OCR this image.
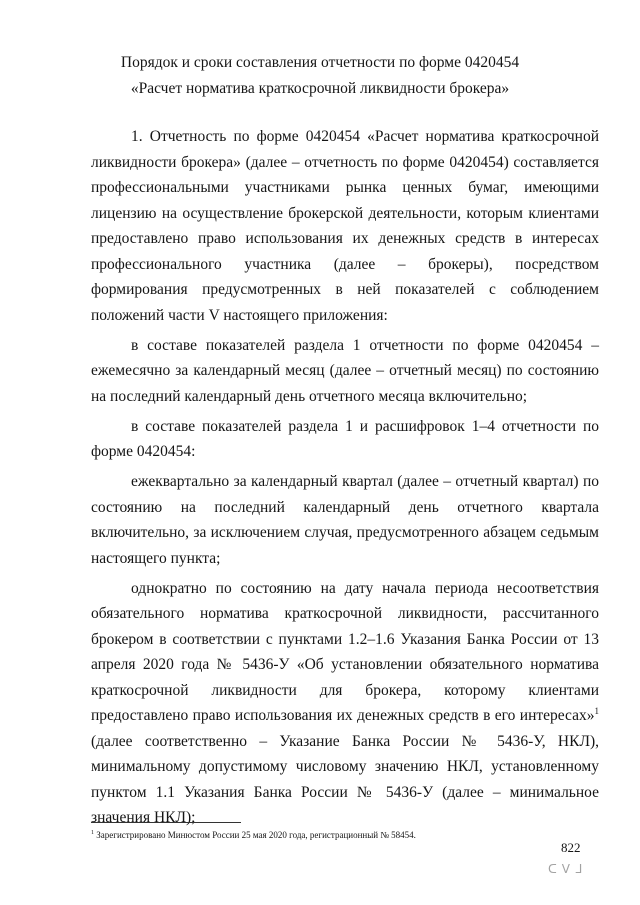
Порядок и сроки составления отчетности по форме 0420454
«Расчет норматива краткосрочной ликвидности брокера»

1. Отчетность по форме 0420454 «Расчет норматива краткосрочной ликвидности брокера» (далее – отчетность по форме 0420454) составляется профессиональными участниками рынка ценных бумаг, имеющими лицензию на осуществление брокерской деятельности, которым клиентами предоставлено право использования их денежных средств в интересах профессионального участника (далее – брокеры), посредством формирования предусмотренных в ней показателей с соблюдением положений части V настоящего приложения:

в составе показателей раздела 1 отчетности по форме 0420454 – ежемесячно за календарный месяц (далее – отчетный месяц) по состоянию на последний календарный день отчетного месяца включительно;

в составе показателей раздела 1 и расшифровок 1–4 отчетности по форме 0420454:

ежеквартально за календарный квартал (далее – отчетный квартал) по состоянию на последний календарный день отчетного квартала включительно, за исключением случая, предусмотренного абзацем седьмым настоящего пункта;

однократно по состоянию на дату начала периода несоответствия обязательного норматива краткосрочной ликвидности, рассчитанного брокером в соответствии с пунктами 1.2–1.6 Указания Банка России от 13 апреля 2020 года № 5436-У «Об установлении обязательного норматива краткосрочной ликвидности для брокера, которому клиентами предоставлено право использования их денежных средств в его интересах»$^1$ (далее соответственно – Указание Банка России № 5436-У, НКЛ), минимальному допустимому числовому значению НКЛ, установленному пунктом 1.1 Указания Банка России № 5436-У (далее – минимальное значения НКЛ);

$^1$ Зарегистрировано Минюстом России 25 мая 2020 года, регистрационный № 58454.
822
ᑕ ᐯ ᒧ
